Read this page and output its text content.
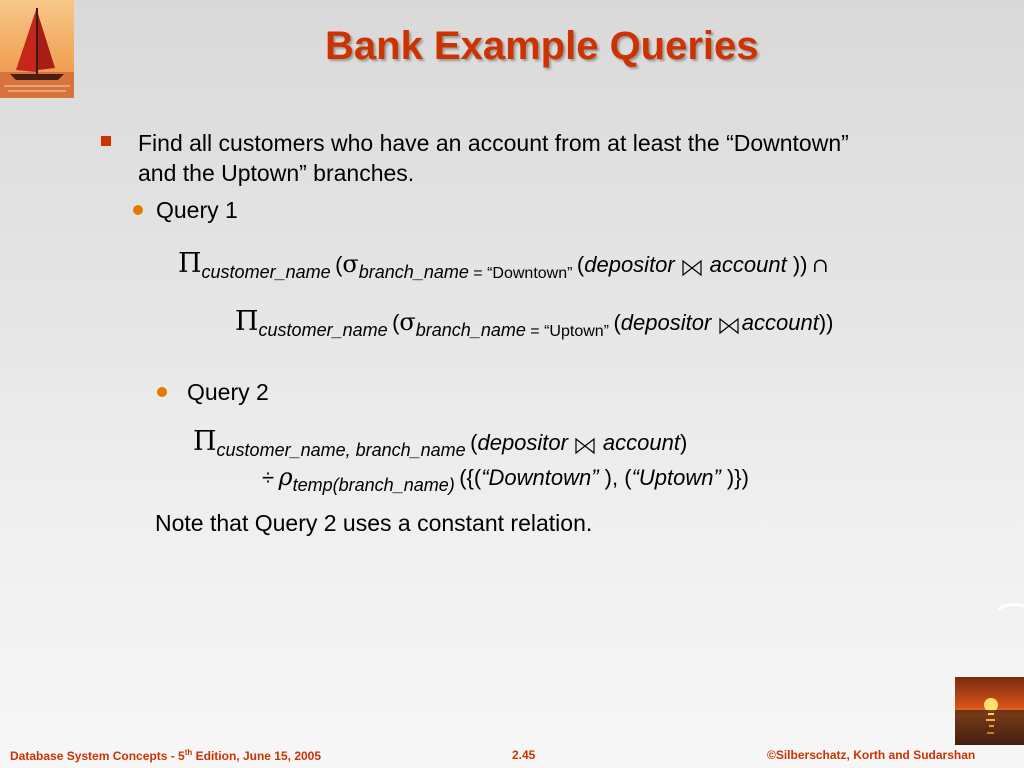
Bank Example Queries
Find all customers who have an account from at least the “Downtown”
and the Uptown” branches.
Query 1
Πcustomer_name (σbranch_name = “Downtown” (depositor account )) ∩
Πcustomer_name (σbranch_name = “Uptown” (depositor account))
Query 2
Πcustomer_name, branch_name (depositor account)
÷ ρtemp(branch_name) ({(“Downtown” ), (“Uptown” )})
Note that Query 2 uses a constant relation.
Database System Concepts - 5th Edition, June 15, 2005	2.45	©Silberschatz, Korth and Sudarshan
